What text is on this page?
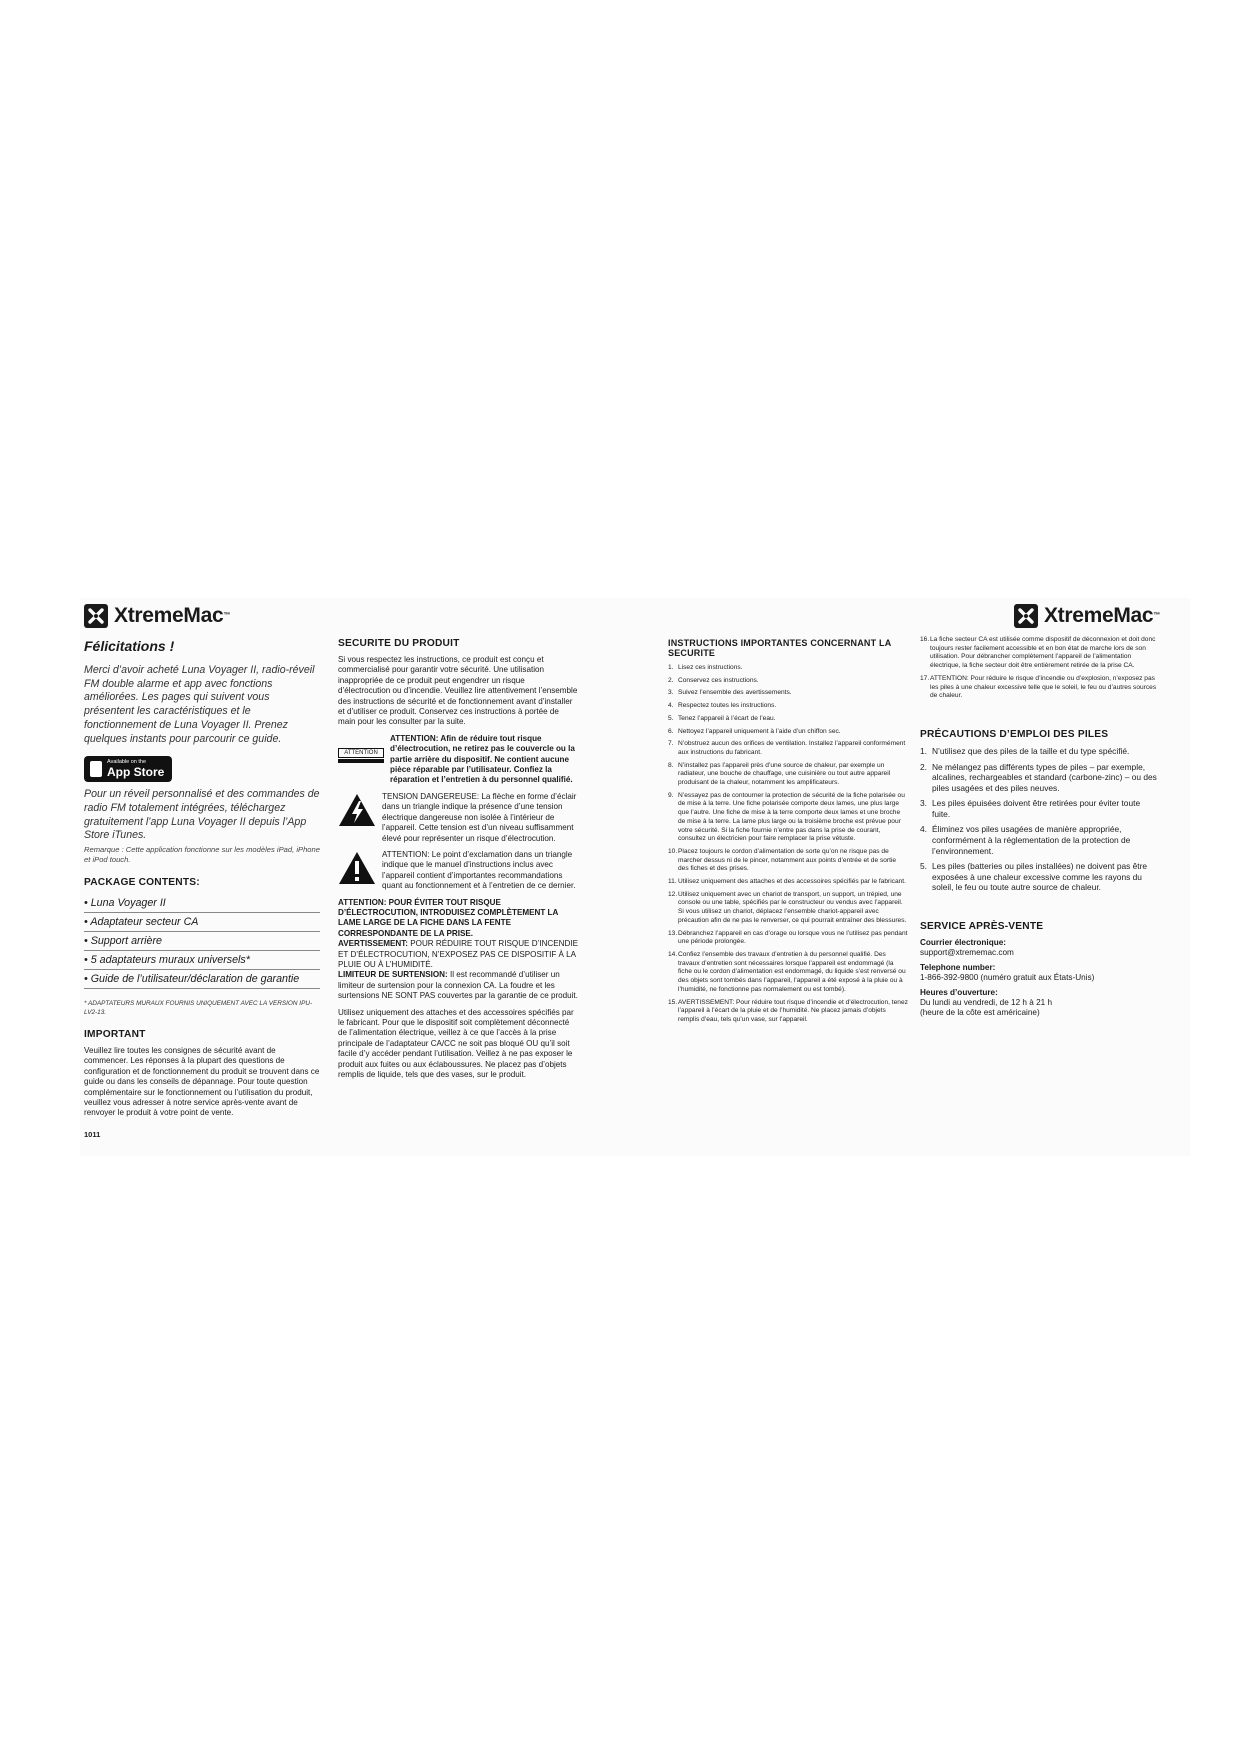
XtremeMac™
Félicitations !

Merci d’avoir acheté Luna Voyager II, radio-réveil FM double alarme et app avec fonctions améliorées. Les pages qui suivent vous présentent les caractéristiques et le fonctionnement de Luna Voyager II. Prenez quelques instants pour parcourir ce guide.

Available on the
App Store

Pour un réveil personnalisé et des commandes de radio FM totalement intégrées, téléchargez gratuitement l’app Luna Voyager II depuis l’App Store iTunes.

Remarque : Cette application fonctionne sur les modèles iPad, iPhone et iPod touch.

PACKAGE CONTENTS:
• Luna Voyager II
• Adaptateur secteur CA
• Support arrière
• 5 adaptateurs muraux universels*
• Guide de l’utilisateur/déclaration de garantie

* ADAPTATEURS MURAUX FOURNIS UNIQUEMENT AVEC LA VERSION IPU-LV2-13.

IMPORTANT

Veuillez lire toutes les consignes de sécurité avant de commencer. Les réponses à la plupart des questions de configuration et de fonctionnement du produit se trouvent dans ce guide ou dans les conseils de dépannage. Pour toute question complémentaire sur le fonctionnement ou l’utilisation du produit, veuillez vous adresser à notre service après-vente avant de renvoyer le produit à votre point de vente.

1011
SECURITE DU PRODUIT

Si vous respectez les instructions, ce produit est conçu et commercialisé pour garantir votre sécurité. Une utilisation inappropriée de ce produit peut engendrer un risque d’électrocution ou d’incendie. Veuillez lire attentivement l’ensemble des instructions de sécurité et de fonctionnement avant d’installer et d’utiliser ce produit. Conservez ces instructions à portée de main pour les consulter par la suite.

ATTENTION

ATTENTION: Afin de réduire tout risque d’électrocution, ne retirez pas le couvercle ou la partie arrière du dispositif. Ne contient aucune pièce réparable par l’utilisateur. Confiez la réparation et l’entretien à du personnel qualifié.

TENSION DANGEREUSE: La flèche en forme d’éclair dans un triangle indique la présence d’une tension électrique dangereuse non isolée à l’intérieur de l’appareil. Cette tension est d’un niveau suffisamment élevé pour représenter un risque d’électrocution.

ATTENTION: Le point d’exclamation dans un triangle indique que le manuel d’instructions inclus avec l’appareil contient d’importantes recommandations quant au fonctionnement et à l’entretien de ce dernier.

ATTENTION: POUR ÉVITER TOUT RISQUE D’ÉLECTROCUTION, INTRODUISEZ COMPLÈTEMENT LA LAME LARGE DE LA FICHE DANS LA FENTE CORRESPONDANTE DE LA PRISE.

AVERTISSEMENT: POUR RÉDUIRE TOUT RISQUE D’INCENDIE ET D’ÉLECTROCUTION, N’EXPOSEZ PAS CE DISPOSITIF À LA PLUIE OU À L’HUMIDITÉ.

LIMITEUR DE SURTENSION: Il est recommandé d’utiliser un limiteur de surtension pour la connexion CA. La foudre et les surtensions NE SONT PAS couvertes par la garantie de ce produit.

Utilisez uniquement des attaches et des accessoires spécifiés par le fabricant. Pour que le dispositif soit complètement déconnecté de l’alimentation électrique, veillez à ce que l’accès à la prise principale de l’adaptateur CA/CC ne soit pas bloqué OU qu’il soit facile d’y accéder pendant l’utilisation. Veillez à ne pas exposer le produit aux fuites ou aux éclaboussures. Ne placez pas d’objets remplis de liquide, tels que des vases, sur le produit.

INSTRUCTIONS IMPORTANTES CONCERNANT LA SECURITE
1. Lisez ces instructions.
2. Conservez ces instructions.
3. Suivez l’ensemble des avertissements.
4. Respectez toutes les instructions.
5. Tenez l’appareil à l’écart de l’eau.
6. Nettoyez l’appareil uniquement à l’aide d’un chiffon sec.
7. N’obstruez aucun des orifices de ventilation. Installez l’appareil conformément aux instructions du fabricant.
8. N’installez pas l’appareil près d’une source de chaleur, par exemple un radiateur, une bouche de chauffage, une cuisinière ou tout autre appareil produisant de la chaleur, notamment les amplificateurs.
9. N’essayez pas de contourner la protection de sécurité de la fiche polarisée ou de mise à la terre. Une fiche polarisée comporte deux lames, une plus large que l’autre. Une fiche de mise à la terre comporte deux lames et une broche de mise à la terre. La lame plus large ou la troisième broche est prévue pour votre sécurité. Si la fiche fournie n’entre pas dans la prise de courant, consultez un électricien pour faire remplacer la prise vétuste.
10. Placez toujours le cordon d’alimentation de sorte qu’on ne risque pas de marcher dessus ni de le pincer, notamment aux points d’entrée et de sortie des fiches et des prises.
11. Utilisez uniquement des attaches et des accessoires spécifiés par le fabricant.
12. Utilisez uniquement avec un chariot de transport, un support, un trépied, une console ou une table, spécifiés par le constructeur ou vendus avec l’appareil. Si vous utilisez un chariot, déplacez l’ensemble chariot-appareil avec précaution afin de ne pas le renverser, ce qui pourrait entraîner des blessures.
13. Débranchez l’appareil en cas d’orage ou lorsque vous ne l’utilisez pas pendant une période prolongée.
14. Confiez l’ensemble des travaux d’entretien à du personnel qualifié. Des travaux d’entretien sont nécessaires lorsque l’appareil est endommagé (la fiche ou le cordon d’alimentation est endommagé, du liquide s’est renversé ou des objets sont tombés dans l’appareil, l’appareil a été exposé à la pluie ou à l’humidité, ne fonctionne pas normalement ou est tombé).
15. AVERTISSEMENT: Pour réduire tout risque d’incendie et d’électrocution, tenez l’appareil à l’écart de la pluie et de l’humidité. Ne placez jamais d’objets remplis d’eau, tels qu’un vase, sur l’appareil.
XtremeMac™
16. La fiche secteur CA est utilisée comme dispositif de déconnexion et doit donc toujours rester facilement accessible et en bon état de marche lors de son utilisation. Pour débrancher complètement l’appareil de l’alimentation électrique, la fiche secteur doit être entièrement retirée de la prise CA.
17. ATTENTION: Pour réduire le risque d’incendie ou d’explosion, n’exposez pas les piles à une chaleur excessive telle que le soleil, le feu ou d’autres sources de chaleur.
PRÉCAUTIONS D’EMPLOI DES PILES
1. N’utilisez que des piles de la taille et du type spécifié.
2. Ne mélangez pas différents types de piles – par exemple, alcalines, rechargeables et standard (carbone-zinc) – ou des piles usagées et des piles neuves.
3. Les piles épuisées doivent être retirées pour éviter toute fuite.
4. Éliminez vos piles usagées de manière appropriée, conformément à la réglementation de la protection de l’environnement.
5. Les piles (batteries ou piles installées) ne doivent pas être exposées à une chaleur excessive comme les rayons du soleil, le feu ou toute autre source de chaleur.
SERVICE APRÈS-VENTE

Courrier électronique:

support@xtrememac.com

Telephone number:

1-866-392-9800 (numéro gratuit aux États-Unis)

Heures d’ouverture:

Du lundi au vendredi, de 12 h à 21 h

(heure de la côte est américaine)
